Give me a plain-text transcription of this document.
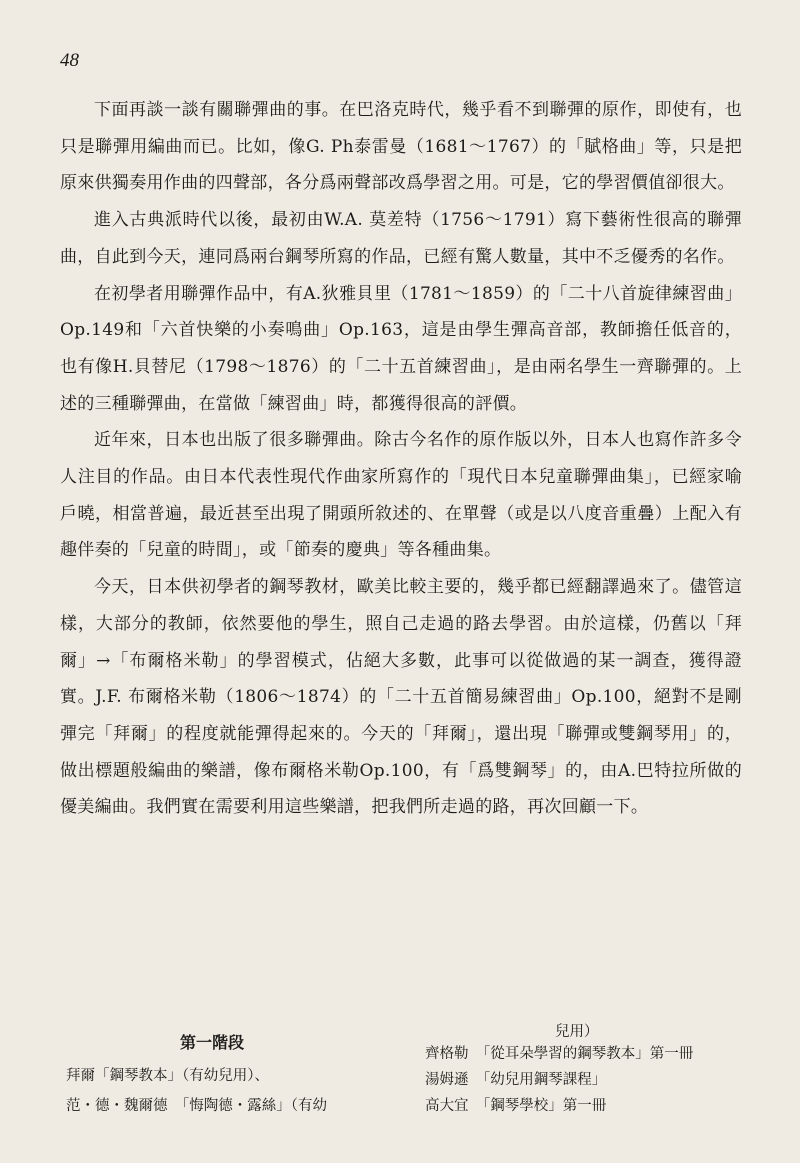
48

下面再談一談有關聯彈曲的事。在巴洛克時代，幾乎看不到聯彈的原作，即使有，也只是聯彈用編曲而已。比如，像G. Ph泰雷曼（1681～1767）的「賦格曲」等，只是把原來供獨奏用作曲的四聲部，各分爲兩聲部改爲學習之用。可是，它的學習價值卻很大。

進入古典派時代以後，最初由W.A. 莫差特（1756～1791）寫下藝術性很高的聯彈曲，自此到今天，連同爲兩台鋼琴所寫的作品，已經有驚人數量，其中不乏優秀的名作。

在初學者用聯彈作品中，有A.狄雅貝里（1781～1859）的「二十八首旋律練習曲」Op.149和「六首快樂的小奏鳴曲」Op.163，這是由學生彈高音部，教師擔任低音的，也有像H.貝替尼（1798～1876）的「二十五首練習曲」，是由兩名學生一齊聯彈的。上述的三種聯彈曲，在當做「練習曲」時，都獲得很高的評價。

近年來，日本也出版了很多聯彈曲。除古今名作的原作版以外，日本人也寫作許多令人注目的作品。由日本代表性現代作曲家所寫作的「現代日本兒童聯彈曲集」，已經家喻戶曉，相當普遍，最近甚至出現了開頭所敘述的、在單聲（或是以八度音重疊）上配入有趣伴奏的「兒童的時間」，或「節奏的慶典」等各種曲集。

今天，日本供初學者的鋼琴教材，歐美比較主要的，幾乎都已經翻譯過來了。儘管這樣，大部分的教師，依然要他的學生，照自己走過的路去學習。由於這樣，仍舊以「拜爾」→「布爾格米勒」的學習模式，佔絕大多數，此事可以從做過的某一調查，獲得證實。J.F. 布爾格米勒（1806～1874）的「二十五首簡易練習曲」Op.100，絕對不是剛彈完「拜爾」的程度就能彈得起來的。今天的「拜爾」，還出現「聯彈或雙鋼琴用」的，做出標題般編曲的樂譜，像布爾格米勒Op.100，有「爲雙鋼琴」的，由A.巴特拉所做的優美編曲。我們實在需要利用這些樂譜，把我們所走過的路，再次回顧一下。

第一階段
拜爾「鋼琴教本」（有幼兒用）、
范・德・魏爾德　「悔陶德・露絲」（有幼
兒用）
齊格勒　「從耳朵學習的鋼琴教本」第一冊
湯姆遜　「幼兒用鋼琴課程」
高大宜　「鋼琴學校」第一冊
